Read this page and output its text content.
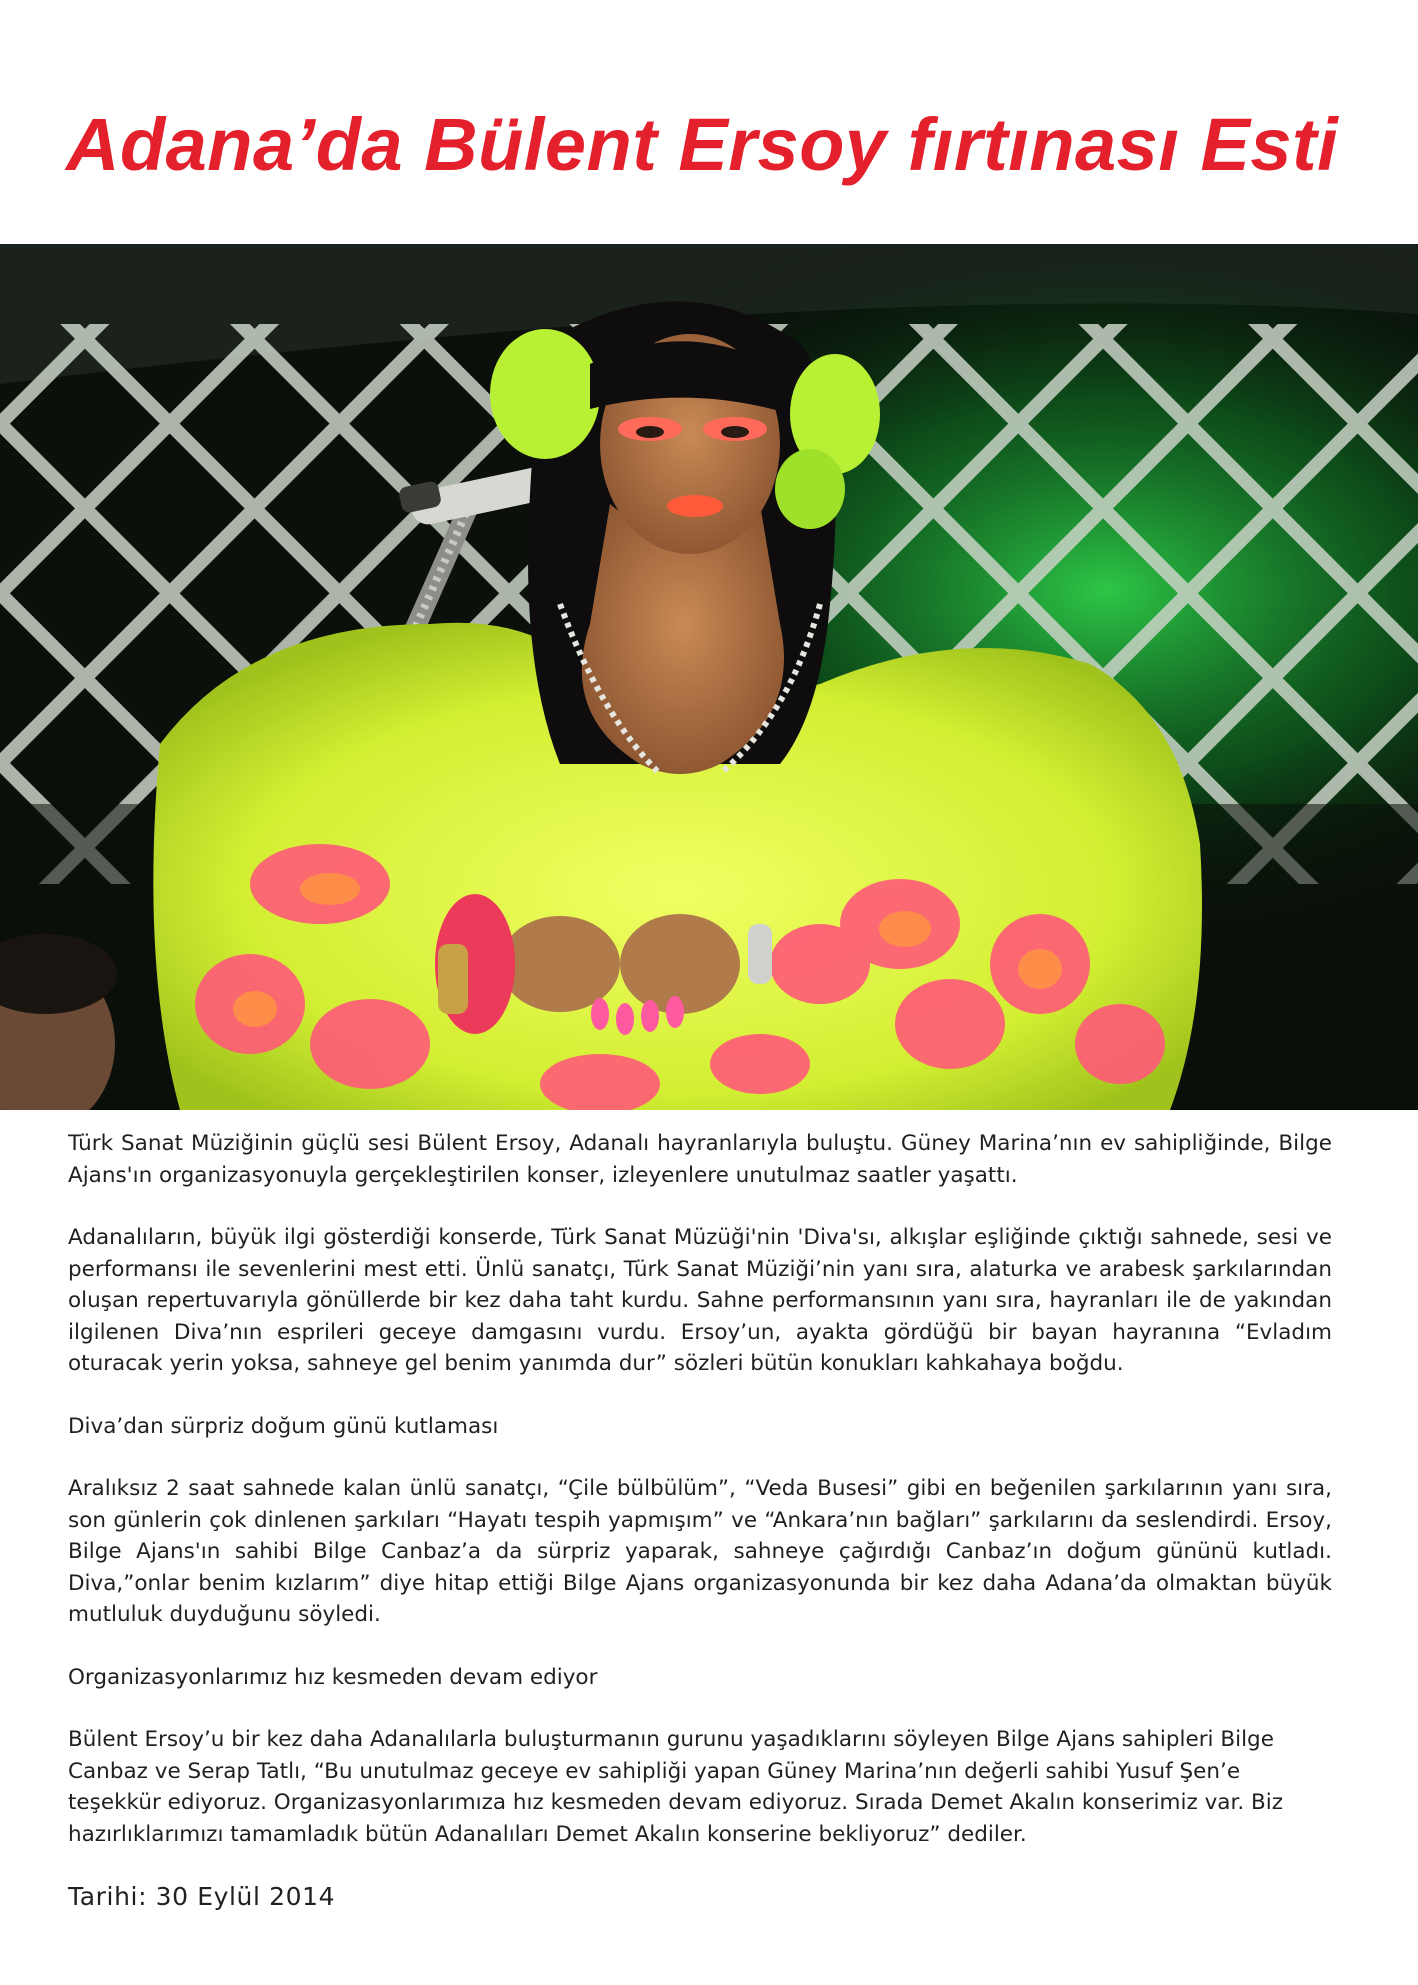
Adana’da Bülent Ersoy fırtınası Esti

Türk Sanat Müziğinin güçlü sesi Bülent Ersoy, Adanalı hayranlarıyla buluştu. Güney Marina’nın ev sahipliğinde, Bilge Ajans'ın organizasyonuyla gerçekleştirilen konser, izleyenlere unutulmaz saatler yaşattı.

Adanalıların, büyük ilgi gösterdiği konserde, Türk Sanat Müzüği'nin 'Diva'sı, alkışlar eşliğinde çıktığı sahnede, sesi ve performansı ile sevenlerini mest etti. Ünlü sanatçı, Türk Sanat Müziği’nin yanı sıra, alaturka ve arabesk şarkılarından oluşan repertuvarıyla gönüllerde bir kez daha taht kurdu. Sahne performansının yanı sıra, hayranları ile de yakından ilgilenen Diva’nın esprileri geceye damgasını vurdu. Ersoy’un, ayakta gördüğü bir bayan hayranına “Evladım oturacak yerin yoksa, sahneye gel benim yanımda dur” sözleri bütün konukları kahkahaya boğdu.

Diva’dan sürpriz doğum günü kutlaması

Aralıksız 2 saat sahnede kalan ünlü sanatçı, “Çile bülbülüm”, “Veda Busesi” gibi en beğenilen şarkılarının yanı sıra, son günlerin çok dinlenen şarkıları “Hayatı tespih yapmışım” ve “Ankara’nın bağları” şarkılarını da seslendirdi. Ersoy, Bilge Ajans'ın sahibi Bilge Canbaz’a da sürpriz yaparak, sahneye çağırdığı Canbaz’ın doğum gününü kutladı. Diva,”onlar benim kızlarım” diye hitap ettiği Bilge Ajans organizasyonunda bir kez daha Adana’da olmaktan büyük mutluluk duyduğunu söyledi.

Organizasyonlarımız hız kesmeden devam ediyor

Bülent Ersoy’u bir kez daha Adanalılarla buluşturmanın gurunu yaşadıklarını söyleyen Bilge Ajans sahipleri Bilge Canbaz ve Serap Tatlı, “Bu unutulmaz geceye ev sahipliği yapan Güney Marina’nın değerli sahibi Yusuf Şen’e teşekkür ediyoruz. Organizasyonlarımıza hız kesmeden devam ediyoruz. Sırada Demet Akalın konserimiz var. Biz hazırlıklarımızı tamamladık bütün Adanalıları Demet Akalın konserine bekliyoruz” dediler.

Tarihi: 30 Eylül 2014
